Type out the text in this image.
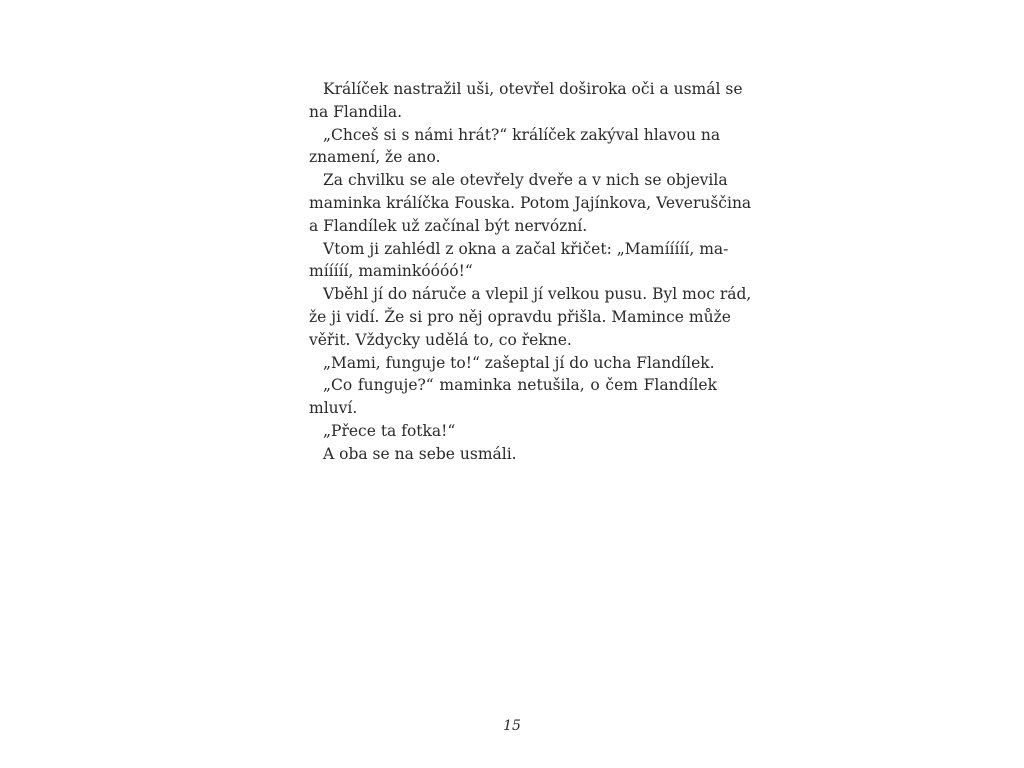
Králíček nastražil uši, otevřel doširoka oči a usmál se
na Flandila.

„Chceš si s námi hrát?“ králíček zakýval hlavou na
znamení, že ano.

Za chvilku se ale otevřely dveře a v nich se objevila
maminka králíčka Fouska. Potom Jajínkova, Veveruščina
a Flandílek už začínal být nervózní.

Vtom ji zahlédl z okna a začal křičet: „Mamííííí, ma-
mííííí, maminkóóóó!“

Vběhl jí do náruče a vlepil jí velkou pusu. Byl moc rád,
že ji vidí. Že si pro něj opravdu přišla. Mamince může
věřit. Vždycky udělá to, co řekne.

„Mami, funguje to!“ zašeptal jí do ucha Flandílek.

„Co funguje?“ maminka netušila, o čem Flandílek
mluví.

„Přece ta fotka!“

A oba se na sebe usmáli.

15
